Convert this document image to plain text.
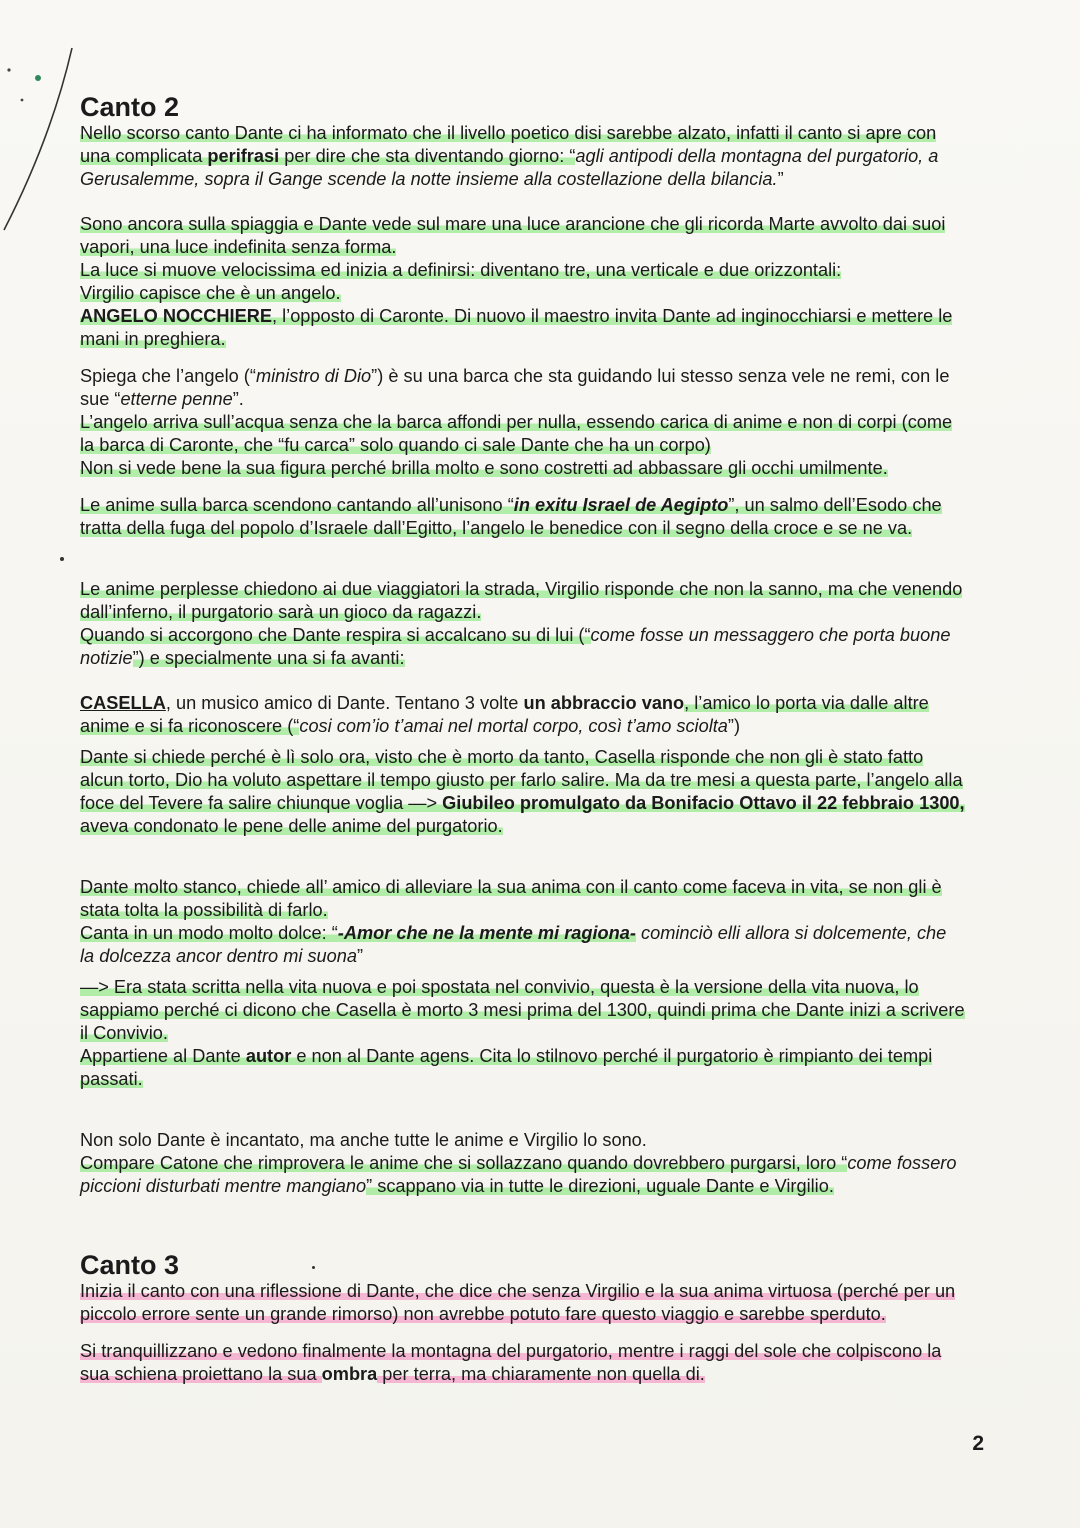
Canto 2

Nello scorso canto Dante ci ha informato che il livello poetico disi sarebbe alzato, infatti il canto si apre con una complicata perifrasi per dire che sta diventando giorno: “agli antipodi della montagna del purgatorio, a Gerusalemme, sopra il Gange scende la notte insieme alla costellazione della bilancia.”

Sono ancora sulla spiaggia e Dante vede sul mare una luce arancione che gli ricorda Marte avvolto dai suoi vapori, una luce indefinita senza forma.
La luce si muove velocissima ed inizia a definirsi: diventano tre, una verticale e due orizzontali:
Virgilio capisce che è un angelo.
ANGELO NOCCHIERE, l’opposto di Caronte. Di nuovo il maestro invita Dante ad inginocchiarsi e mettere le mani in preghiera.

Spiega che l’angelo (“ministro di Dio”) è su una barca che sta guidando lui stesso senza vele ne remi, con le sue “etterne penne”.
L’angelo arriva sull’acqua senza che la barca affondi per nulla, essendo carica di anime e non di corpi (come la barca di Caronte, che “fu carca” solo quando ci sale Dante che ha un corpo)
Non si vede bene la sua figura perché brilla molto e sono costretti ad abbassare gli occhi umilmente.

Le anime sulla barca scendono cantando all’unisono “in exitu Israel de Aegipto”, un salmo dell’Esodo che tratta della fuga del popolo d’Israele dall’Egitto, l’angelo le benedice con il segno della croce e se ne va.

Le anime perplesse chiedono ai due viaggiatori la strada, Virgilio risponde che non la sanno, ma che venendo dall’inferno, il purgatorio sarà un gioco da ragazzi.
Quando si accorgono che Dante respira si accalcano su di lui (“come fosse un messaggero che porta buone notizie”) e specialmente una si fa avanti:

CASELLA, un musico amico di Dante. Tentano 3 volte un abbraccio vano, l’amico lo porta via dalle altre anime e si fa riconoscere (“cosi com’io t’amai nel mortal corpo, così t’amo sciolta”)

Dante si chiede perché è lì solo ora, visto che è morto da tanto, Casella risponde che non gli è stato fatto alcun torto, Dio ha voluto aspettare il tempo giusto per farlo salire. Ma da tre mesi a questa parte, l’angelo alla foce del Tevere fa salire chiunque voglia —> Giubileo promulgato da Bonifacio Ottavo il 22 febbraio 1300, aveva condonato le pene delle anime del purgatorio.

Dante molto stanco, chiede all’ amico di alleviare la sua anima con il canto come faceva in vita, se non gli è stata tolta la possibilità di farlo.
Canta in un modo molto dolce: “-Amor che ne la mente mi ragiona- cominciò elli allora si dolcemente, che la dolcezza ancor dentro mi suona”

—> Era stata scritta nella vita nuova e poi spostata nel convivio, questa è la versione della vita nuova, lo sappiamo perché ci dicono che Casella è morto 3 mesi prima del 1300, quindi prima che Dante inizi a scrivere il Convivio.
Appartiene al Dante autor e non al Dante agens. Cita lo stilnovo perché il purgatorio è rimpianto dei tempi passati.

Non solo Dante è incantato, ma anche tutte le anime e Virgilio lo sono.
Compare Catone che rimprovera le anime che si sollazzano quando dovrebbero purgarsi, loro “come fossero piccioni disturbati mentre mangiano” scappano via in tutte le direzioni, uguale Dante e Virgilio.

Canto 3

Inizia il canto con una riflessione di Dante, che dice che senza Virgilio e la sua anima virtuosa (perché per un piccolo errore sente un grande rimorso) non avrebbe potuto fare questo viaggio e sarebbe sperduto.

Si tranquillizzano e vedono finalmente la montagna del purgatorio, mentre i raggi del sole che colpiscono la sua schiena proiettano la sua ombra per terra, ma chiaramente non quella di.

2
